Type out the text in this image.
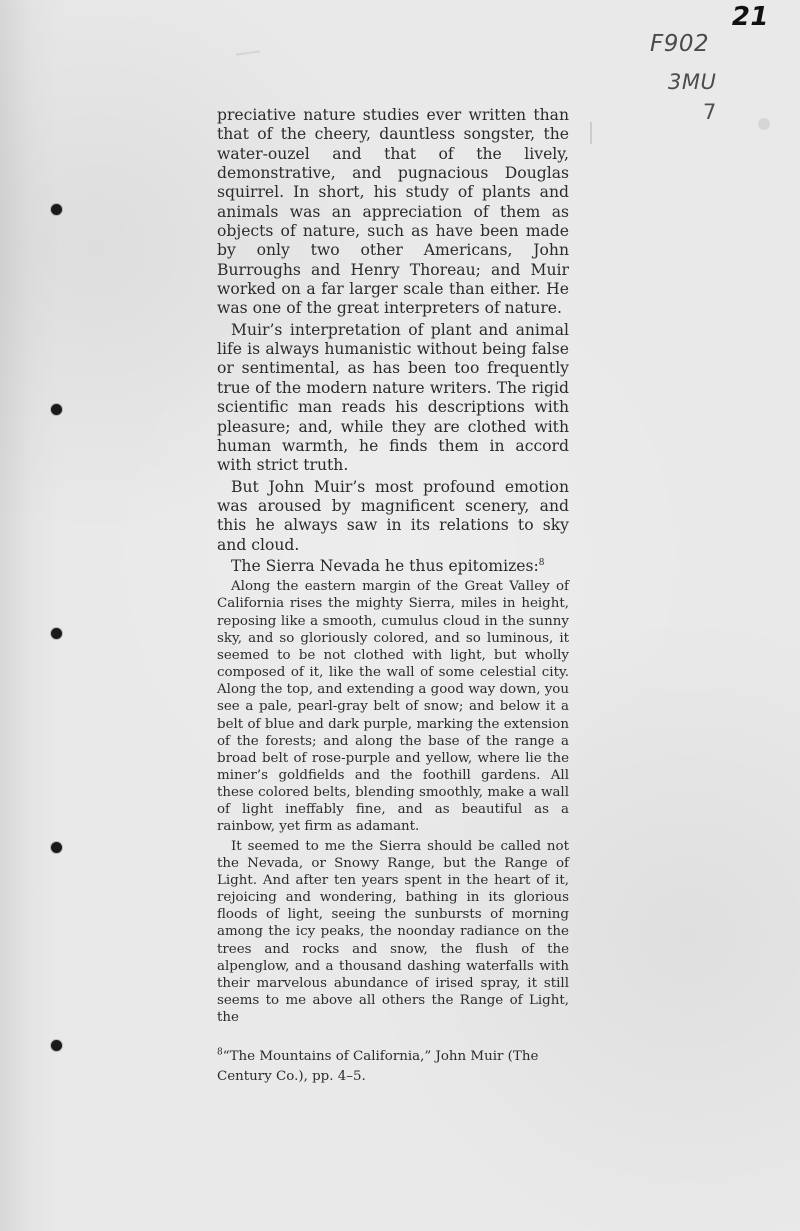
21
F902
3MU
7

preciative nature studies ever written than that of the cheery, dauntless songster, the water-ouzel and that of the lively, demonstrative, and pugnacious Douglas squirrel. In short, his study of plants and animals was an appreciation of them as objects of nature, such as have been made by only two other Americans, John Burroughs and Henry Thoreau; and Muir worked on a far larger scale than either. He was one of the great interpreters of nature.

Muir’s interpretation of plant and animal life is always humanistic without being false or sentimental, as has been too frequently true of the modern nature writers. The rigid scientific man reads his descriptions with pleasure; and, while they are clothed with human warmth, he finds them in accord with strict truth.

But John Muir’s most profound emotion was aroused by magnificent scenery, and this he always saw in its relations to sky and cloud.

The Sierra Nevada he thus epitomizes:$^8$

Along the eastern margin of the Great Valley of California rises the mighty Sierra, miles in height, reposing like a smooth, cumulus cloud in the sunny sky, and so gloriously colored, and so luminous, it seemed to be not clothed with light, but wholly composed of it, like the wall of some celestial city. Along the top, and extending a good way down, you see a pale, pearl-gray belt of snow; and below it a belt of blue and dark purple, marking the extension of the forests; and along the base of the range a broad belt of rose-purple and yellow, where lie the miner’s goldfields and the foothill gardens. All these colored belts, blending smoothly, make a wall of light ineffably fine, and as beautiful as a rainbow, yet firm as adamant.

It seemed to me the Sierra should be called not the Nevada, or Snowy Range, but the Range of Light. And after ten years spent in the heart of it, rejoicing and wondering, bathing in its glorious floods of light, seeing the sunbursts of morning among the icy peaks, the noonday radiance on the trees and rocks and snow, the flush of the alpenglow, and a thousand dashing waterfalls with their marvelous abundance of irised spray, it still seems to me above all others the Range of Light, the

$^8$“The Mountains of California,” John Muir (The Century Co.), pp. 4–5.
